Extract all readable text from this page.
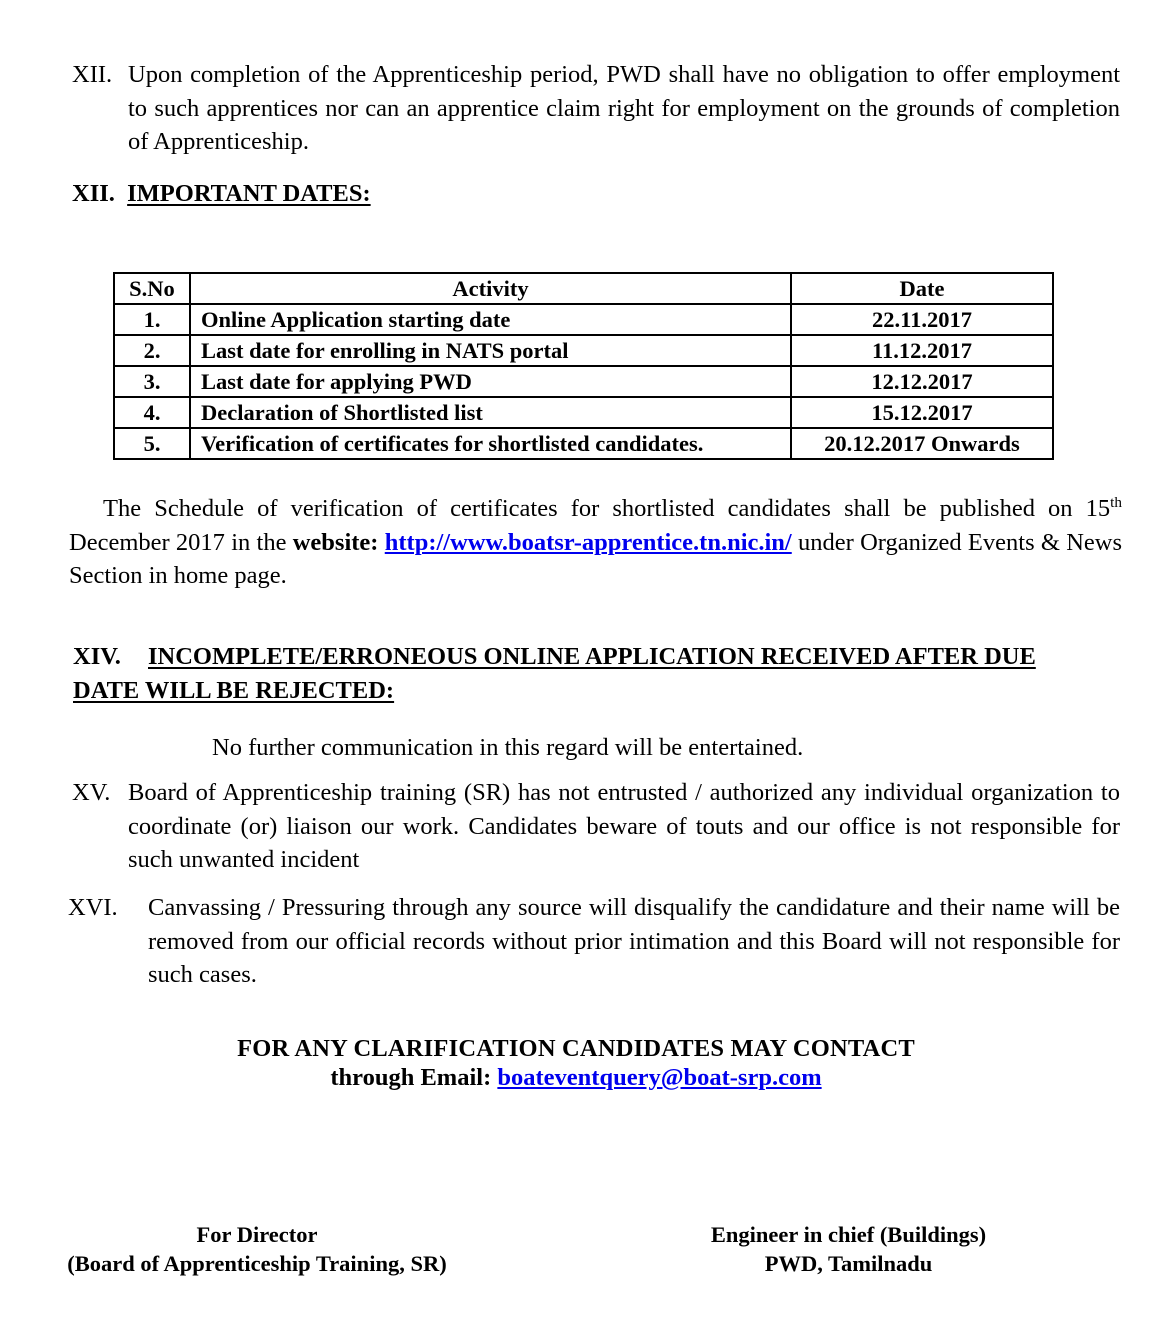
XII. Upon completion of the Apprenticeship period, PWD shall have no obligation to offer employment to such apprentices nor can an apprentice claim right for employment on the grounds of completion of Apprenticeship.
XII. IMPORTANT DATES:
S.No	Activity	Date
1.	Online Application starting date	22.11.2017
2.	Last date for enrolling in NATS portal	11.12.2017
3.	Last date for applying PWD	12.12.2017
4.	Declaration of Shortlisted list	15.12.2017
5.	Verification of certificates for shortlisted candidates.	20.12.2017 Onwards
The Schedule of verification of certificates for shortlisted candidates shall be published on 15th December 2017 in the website: http://www.boatsr-apprentice.tn.nic.in/ under Organized Events & News Section in home page.
XIV. INCOMPLETE/ERRONEOUS ONLINE APPLICATION RECEIVED AFTER DUE
DATE WILL BE REJECTED:
No further communication in this regard will be entertained.
XV. Board of Apprenticeship training (SR) has not entrusted / authorized any individual organization to coordinate (or) liaison our work. Candidates beware of touts and our office is not responsible for such unwanted incident
XVI. Canvassing / Pressuring through any source will disqualify the candidature and their name will be removed from our official records without prior intimation and this Board will not responsible for such cases.
FOR ANY CLARIFICATION CANDIDATES MAY CONTACT
through Email: boateventquery@boat-srp.com
For Director
(Board of Apprenticeship Training, SR)
Engineer in chief (Buildings)
PWD, Tamilnadu
